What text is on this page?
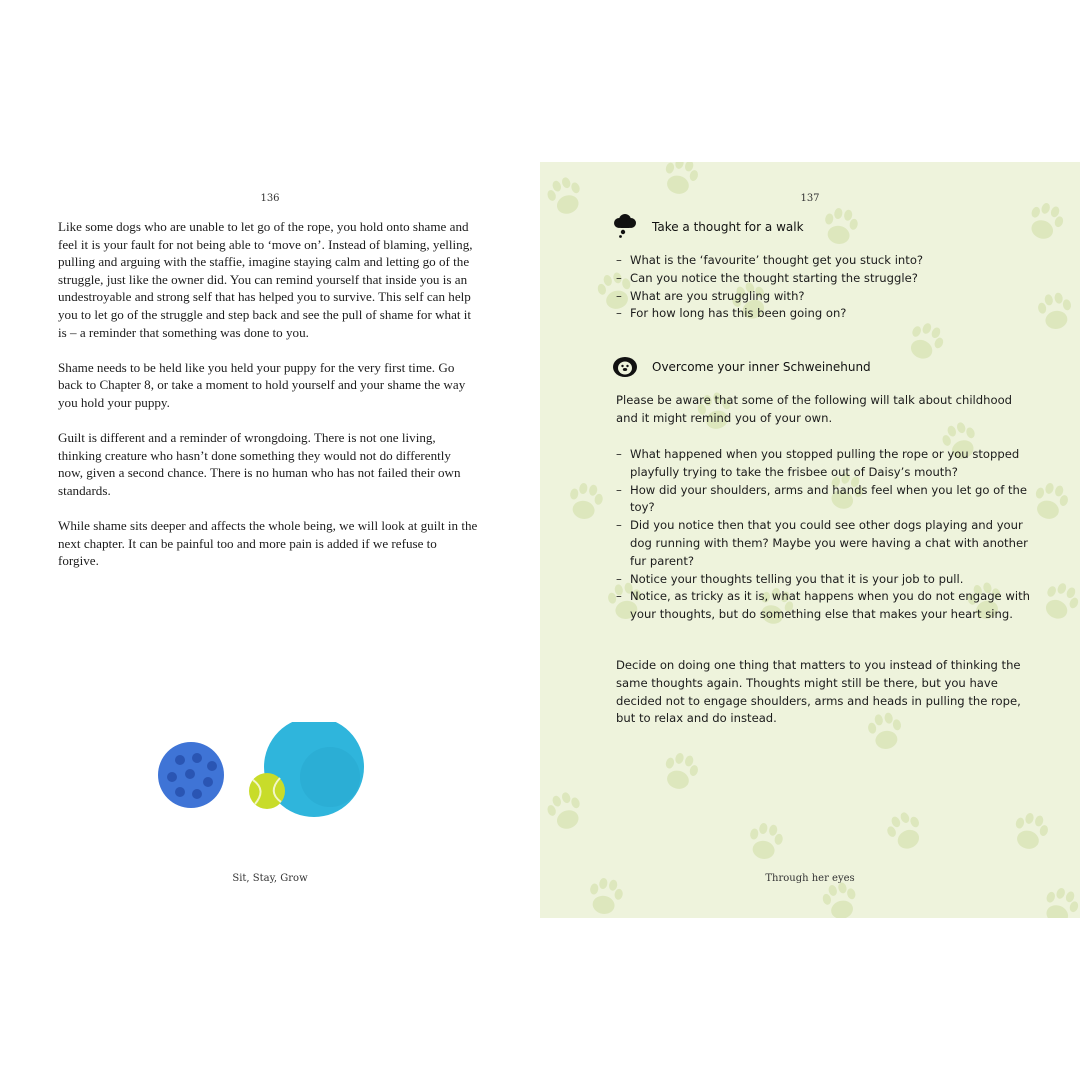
136

Like some dogs who are unable to let go of the rope, you hold onto shame and feel it is your fault for not being able to ‘move on’. Instead of blaming, yelling, pulling and arguing with the staffie, imagine staying calm and letting go of the struggle, just like the owner did. You can remind yourself that inside you is an undestroyable and strong self that has helped you to survive. This self can help you to let go of the struggle and step back and see the pull of shame for what it is – a reminder that something was done to you.

Shame needs to be held like you held your puppy for the very first time. Go back to Chapter 8, or take a moment to hold yourself and your shame the way you hold your puppy.

Guilt is different and a reminder of wrongdoing. There is not one living, thinking creature who hasn’t done something they would not do differently now, given a second chance. There is no human who has not failed their own standards.

While shame sits deeper and affects the whole being, we will look at guilt in the next chapter. It can be painful too and more pain is added if we refuse to forgive.

Sit, Stay, Grow
137
Take a thought for a walk
– What is the ‘favourite’ thought get you stuck into?
– Can you notice the thought starting the struggle?
– What are you struggling with?
– For how long has this been going on?
Overcome your inner Schweinehund

Please be aware that some of the following will talk about childhood and it might remind you of your own.

– What happened when you stopped pulling the rope or you stopped playfully trying to take the frisbee out of Daisy’s mouth?
– How did your shoulders, arms and hands feel when you let go of the toy?
– Did you notice then that you could see other dogs playing and your dog running with them? Maybe you were having a chat with another fur parent?
– Notice your thoughts telling you that it is your job to pull.
– Notice, as tricky as it is, what happens when you do not engage with your thoughts, but do something else that makes your heart sing.

Decide on doing one thing that matters to you instead of thinking the same thoughts again. Thoughts might still be there, but you have decided not to engage shoulders, arms and heads in pulling the rope, but to relax and do instead.

Through her eyes
